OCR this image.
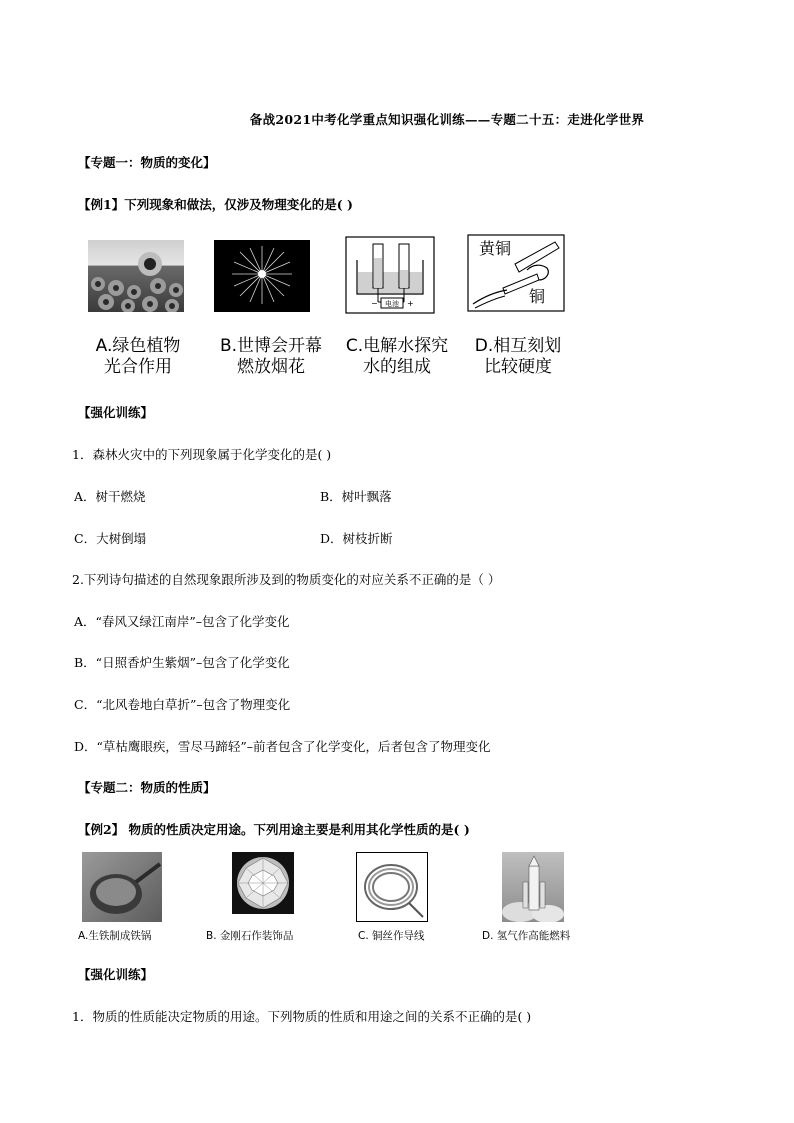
备战2021中考化学重点知识强化训练——专题二十五：走进化学世界
【专题一：物质的变化】
【例1】下列现象和做法，仅涉及物理变化的是( )
电池
−	+
黄铜
铜
A.绿色植物
光合作用
B.世博会开幕
燃放烟花
C.电解水探究
水的组成
D.相互刻划
比较硬度
【强化训练】
1．森林火灾中的下列现象属于化学变化的是( )
A．树干燃烧	B．树叶飘落
C．大树倒塌	D．树枝折断
2.下列诗句描述的自然现象跟所涉及到的物质变化的对应关系不正确的是（ ）
A．“春风又绿江南岸”–包含了化学变化
B．“日照香炉生紫烟”–包含了化学变化
C．“北风卷地白草折”–包含了物理变化
D．“草枯鹰眼疾，雪尽马蹄轻”–前者包含了化学变化，后者包含了物理变化
【专题二：物质的性质】
【例2】 物质的性质决定用途。下列用途主要是利用其化学性质的是( )
A.生铁制成铁锅	B. 金刚石作装饰品	C. 铜丝作导线	D. 氢气作高能燃料
【强化训练】
1．物质的性质能决定物质的用途。下列物质的性质和用途之间的关系不正确的是( )
